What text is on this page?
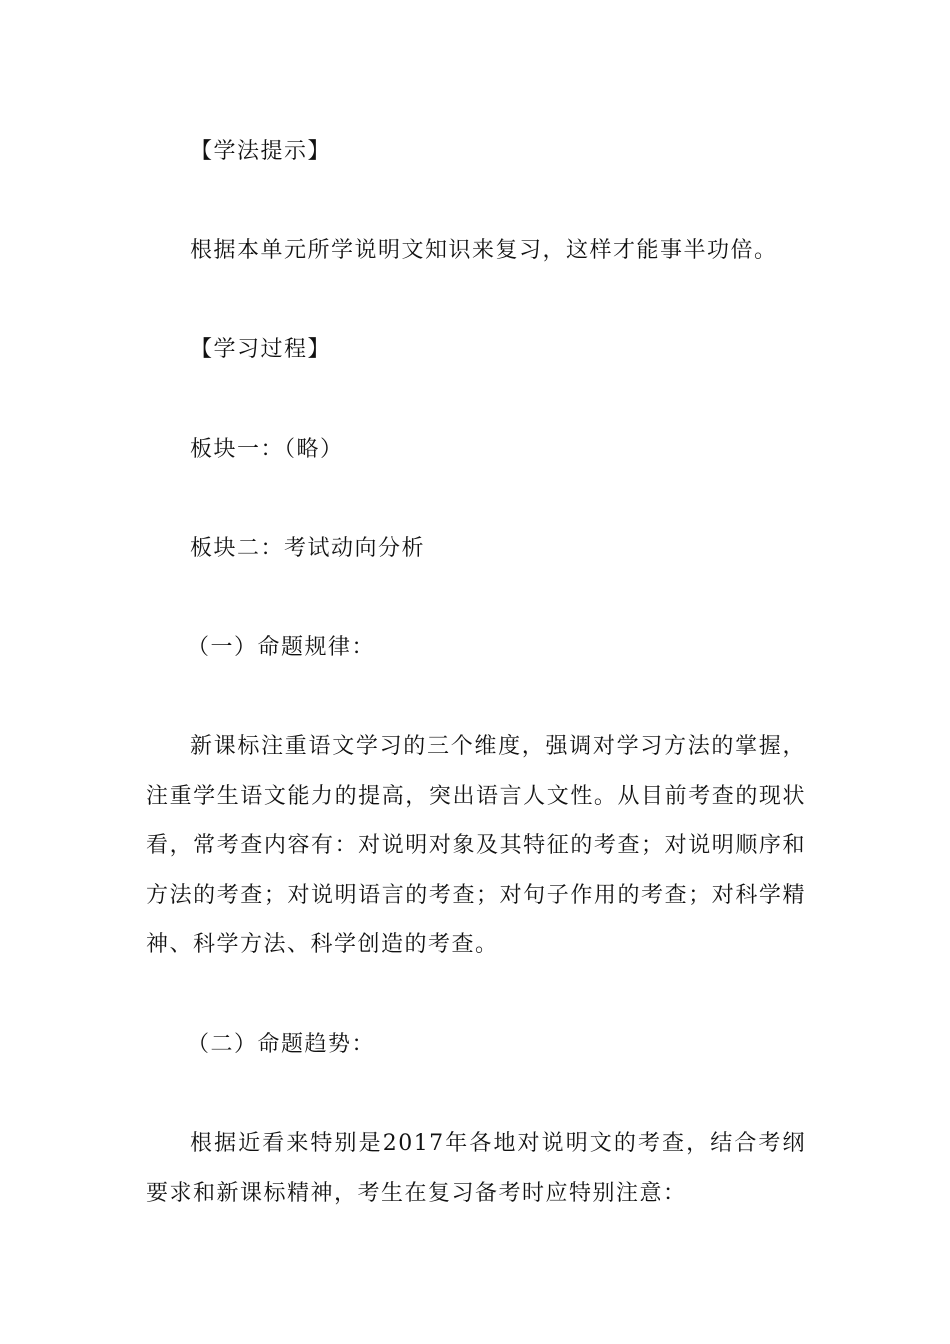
【学法提示】
根据本单元所学说明文知识来复习，这样才能事半功倍。
【学习过程】
板块一：（略）
板块二：考试动向分析
（一）命题规律：
新课标注重语文学习的三个维度，强调对学习方法的掌握，注重学生语文能力的提高，突出语言人文性。从目前考查的现状看，常考查内容有：对说明对象及其特征的考查；对说明顺序和方法的考查；对说明语言的考查；对句子作用的考查；对科学精神、科学方法、科学创造的考查。
（二）命题趋势：
根据近看来特别是2017年各地对说明文的考查，结合考纲要求和新课标精神，考生在复习备考时应特别注意：
